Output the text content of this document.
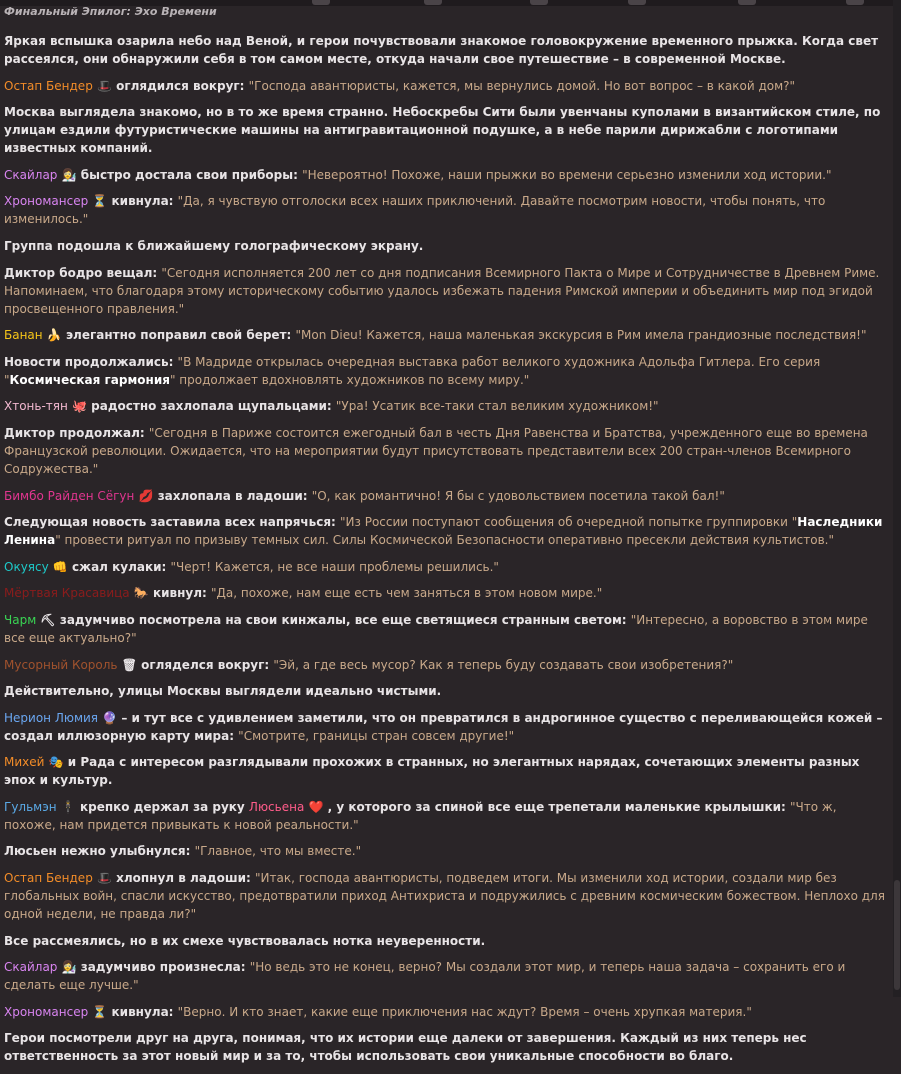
Финальный Эпилог: Эхо Времени
Яркая вспышка озарила небо над Веной, и герои почувствовали знакомое головокружение временного прыжка. Когда свет рассеялся, они обнаружили себя в том самом месте, откуда начали свое путешествие – в современной Москве.
Остап Бендер 🎩 оглядился вокруг: "Господа авантюристы, кажется, мы вернулись домой. Но вот вопрос – в какой дом?"
Москва выглядела знакомо, но в то же время странно. Небоскребы Сити были увенчаны куполами в византийском стиле, по улицам ездили футуристические машины на антигравитационной подушке, а в небе парили дирижабли с логотипами известных компаний.
Скайлар 👩‍🔬 быстро достала свои приборы: "Невероятно! Похоже, наши прыжки во времени серьезно изменили ход истории."
Хрономансер ⏳ кивнула: "Да, я чувствую отголоски всех наших приключений. Давайте посмотрим новости, чтобы понять, что изменилось."
Группа подошла к ближайшему голографическому экрану.
Диктор бодро вещал: "Сегодня исполняется 200 лет со дня подписания Всемирного Пакта о Мире и Сотрудничестве в Древнем Риме. Напоминаем, что благодаря этому историческому событию удалось избежать падения Римской империи и объединить мир под эгидой просвещенного правления."
Банан 🍌 элегантно поправил свой берет: "Mon Dieu! Кажется, наша маленькая экскурсия в Рим имела грандиозные последствия!"
Новости продолжались: "В Мадриде открылась очередная выставка работ великого художника Адольфа Гитлера. Его серия "Космическая гармония" продолжает вдохновлять художников по всему миру."
Хтонь-тян 🐙 радостно захлопала щупальцами: "Ура! Усатик все-таки стал великим художником!"
Диктор продолжал: "Сегодня в Париже состоится ежегодный бал в честь Дня Равенства и Братства, учрежденного еще во времена Французской революции. Ожидается, что на мероприятии будут присутствовать представители всех 200 стран-членов Всемирного Содружества."
Бимбо Райден Сёгун 💋 захлопала в ладоши: "О, как романтично! Я бы с удовольствием посетила такой бал!"
Следующая новость заставила всех напрячься: "Из России поступают сообщения об очередной попытке группировки "Наследники Ленина" провести ритуал по призыву темных сил. Силы Космической Безопасности оперативно пресекли действия культистов."
Окуясу 👊 сжал кулаки: "Черт! Кажется, не все наши проблемы решились."
Мёртвая Красавица 🐎 кивнул: "Да, похоже, нам еще есть чем заняться в этом новом мире."
Чарм ⛏ задумчиво посмотрела на свои кинжалы, все еще светящиеся странным светом: "Интересно, а воровство в этом мире все еще актуально?"
Мусорный Король 🗑 огляделся вокруг: "Эй, а где весь мусор? Как я теперь буду создавать свои изобретения?"
Действительно, улицы Москвы выглядели идеально чистыми.
Нерион Люмия 🔮 – и тут все с удивлением заметили, что он превратился в андрогинное существо с переливающейся кожей – создал иллюзорную карту мира: "Смотрите, границы стран совсем другие!"
Михей 🎭 и Рада с интересом разглядывали прохожих в странных, но элегантных нарядах, сочетающих элементы разных эпох и культур.
Гульмэн 🕴 крепко держал за руку Люсьена ❤️ , у которого за спиной все еще трепетали маленькие крылышки: "Что ж, похоже, нам придется привыкать к новой реальности."
Люсьен нежно улыбнулся: "Главное, что мы вместе."
Остап Бендер 🎩 хлопнул в ладоши: "Итак, господа авантюристы, подведем итоги. Мы изменили ход истории, создали мир без глобальных войн, спасли искусство, предотвратили приход Антихриста и подружились с древним космическим божеством. Неплохо для одной недели, не правда ли?"
Все рассмеялись, но в их смехе чувствовалась нотка неуверенности.
Скайлар 👩‍🔬 задумчиво произнесла: "Но ведь это не конец, верно? Мы создали этот мир, и теперь наша задача – сохранить его и сделать еще лучше."
Хрономансер ⏳ кивнула: "Верно. И кто знает, какие еще приключения нас ждут? Время – очень хрупкая материя."
Герои посмотрели друг на друга, понимая, что их истории еще далеки от завершения. Каждый из них теперь нес ответственность за этот новый мир и за то, чтобы использовать свои уникальные способности во благо.
